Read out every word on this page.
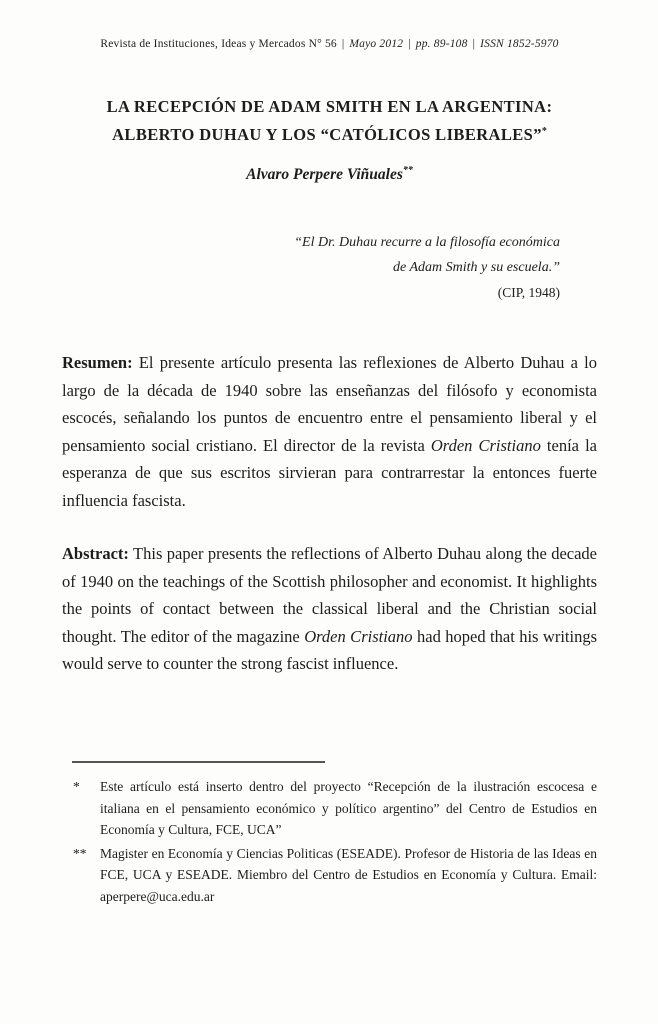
Revista de Instituciones, Ideas y Mercados N° 56 | Mayo 2012 | pp. 89-108 | ISSN 1852-5970
LA RECEPCIÓN DE ADAM SMITH EN LA ARGENTINA:
ALBERTO DUHAU Y LOS “CATÓLICOS LIBERALES”*
Alvaro Perpere Viñuales**
“El Dr. Duhau recurre a la filosofía económica
de Adam Smith y su escuela.”
(CIP, 1948)

Resumen: El presente artículo presenta las reflexiones de Alberto Duhau a lo largo de la década de 1940 sobre las enseñanzas del filósofo y economista escocés, señalando los puntos de encuentro entre el pensamiento liberal y el pensamiento social cristiano. El director de la revista Orden Cristiano tenía la esperanza de que sus escritos sirvieran para contrarrestar la entonces fuerte influencia fascista.

Abstract: This paper presents the reflections of Alberto Duhau along the decade of 1940 on the teachings of the Scottish philosopher and economist. It highlights the points of contact between the classical liberal and the Christian social thought. The editor of the magazine Orden Cristiano had hoped that his writings would serve to counter the strong fascist influence.

*	Este artículo está inserto dentro del proyecto “Recepción de la ilustración escocesa e italiana en el pensamiento económico y político argentino” del Centro de Estudios en Economía y Cultura, FCE, UCA”
**	Magister en Economía y Ciencias Politicas (ESEADE). Profesor de Historia de las Ideas en FCE, UCA y ESEADE. Miembro del Centro de Estudios en Economía y Cultura. Email: aperpere@uca.edu.ar
